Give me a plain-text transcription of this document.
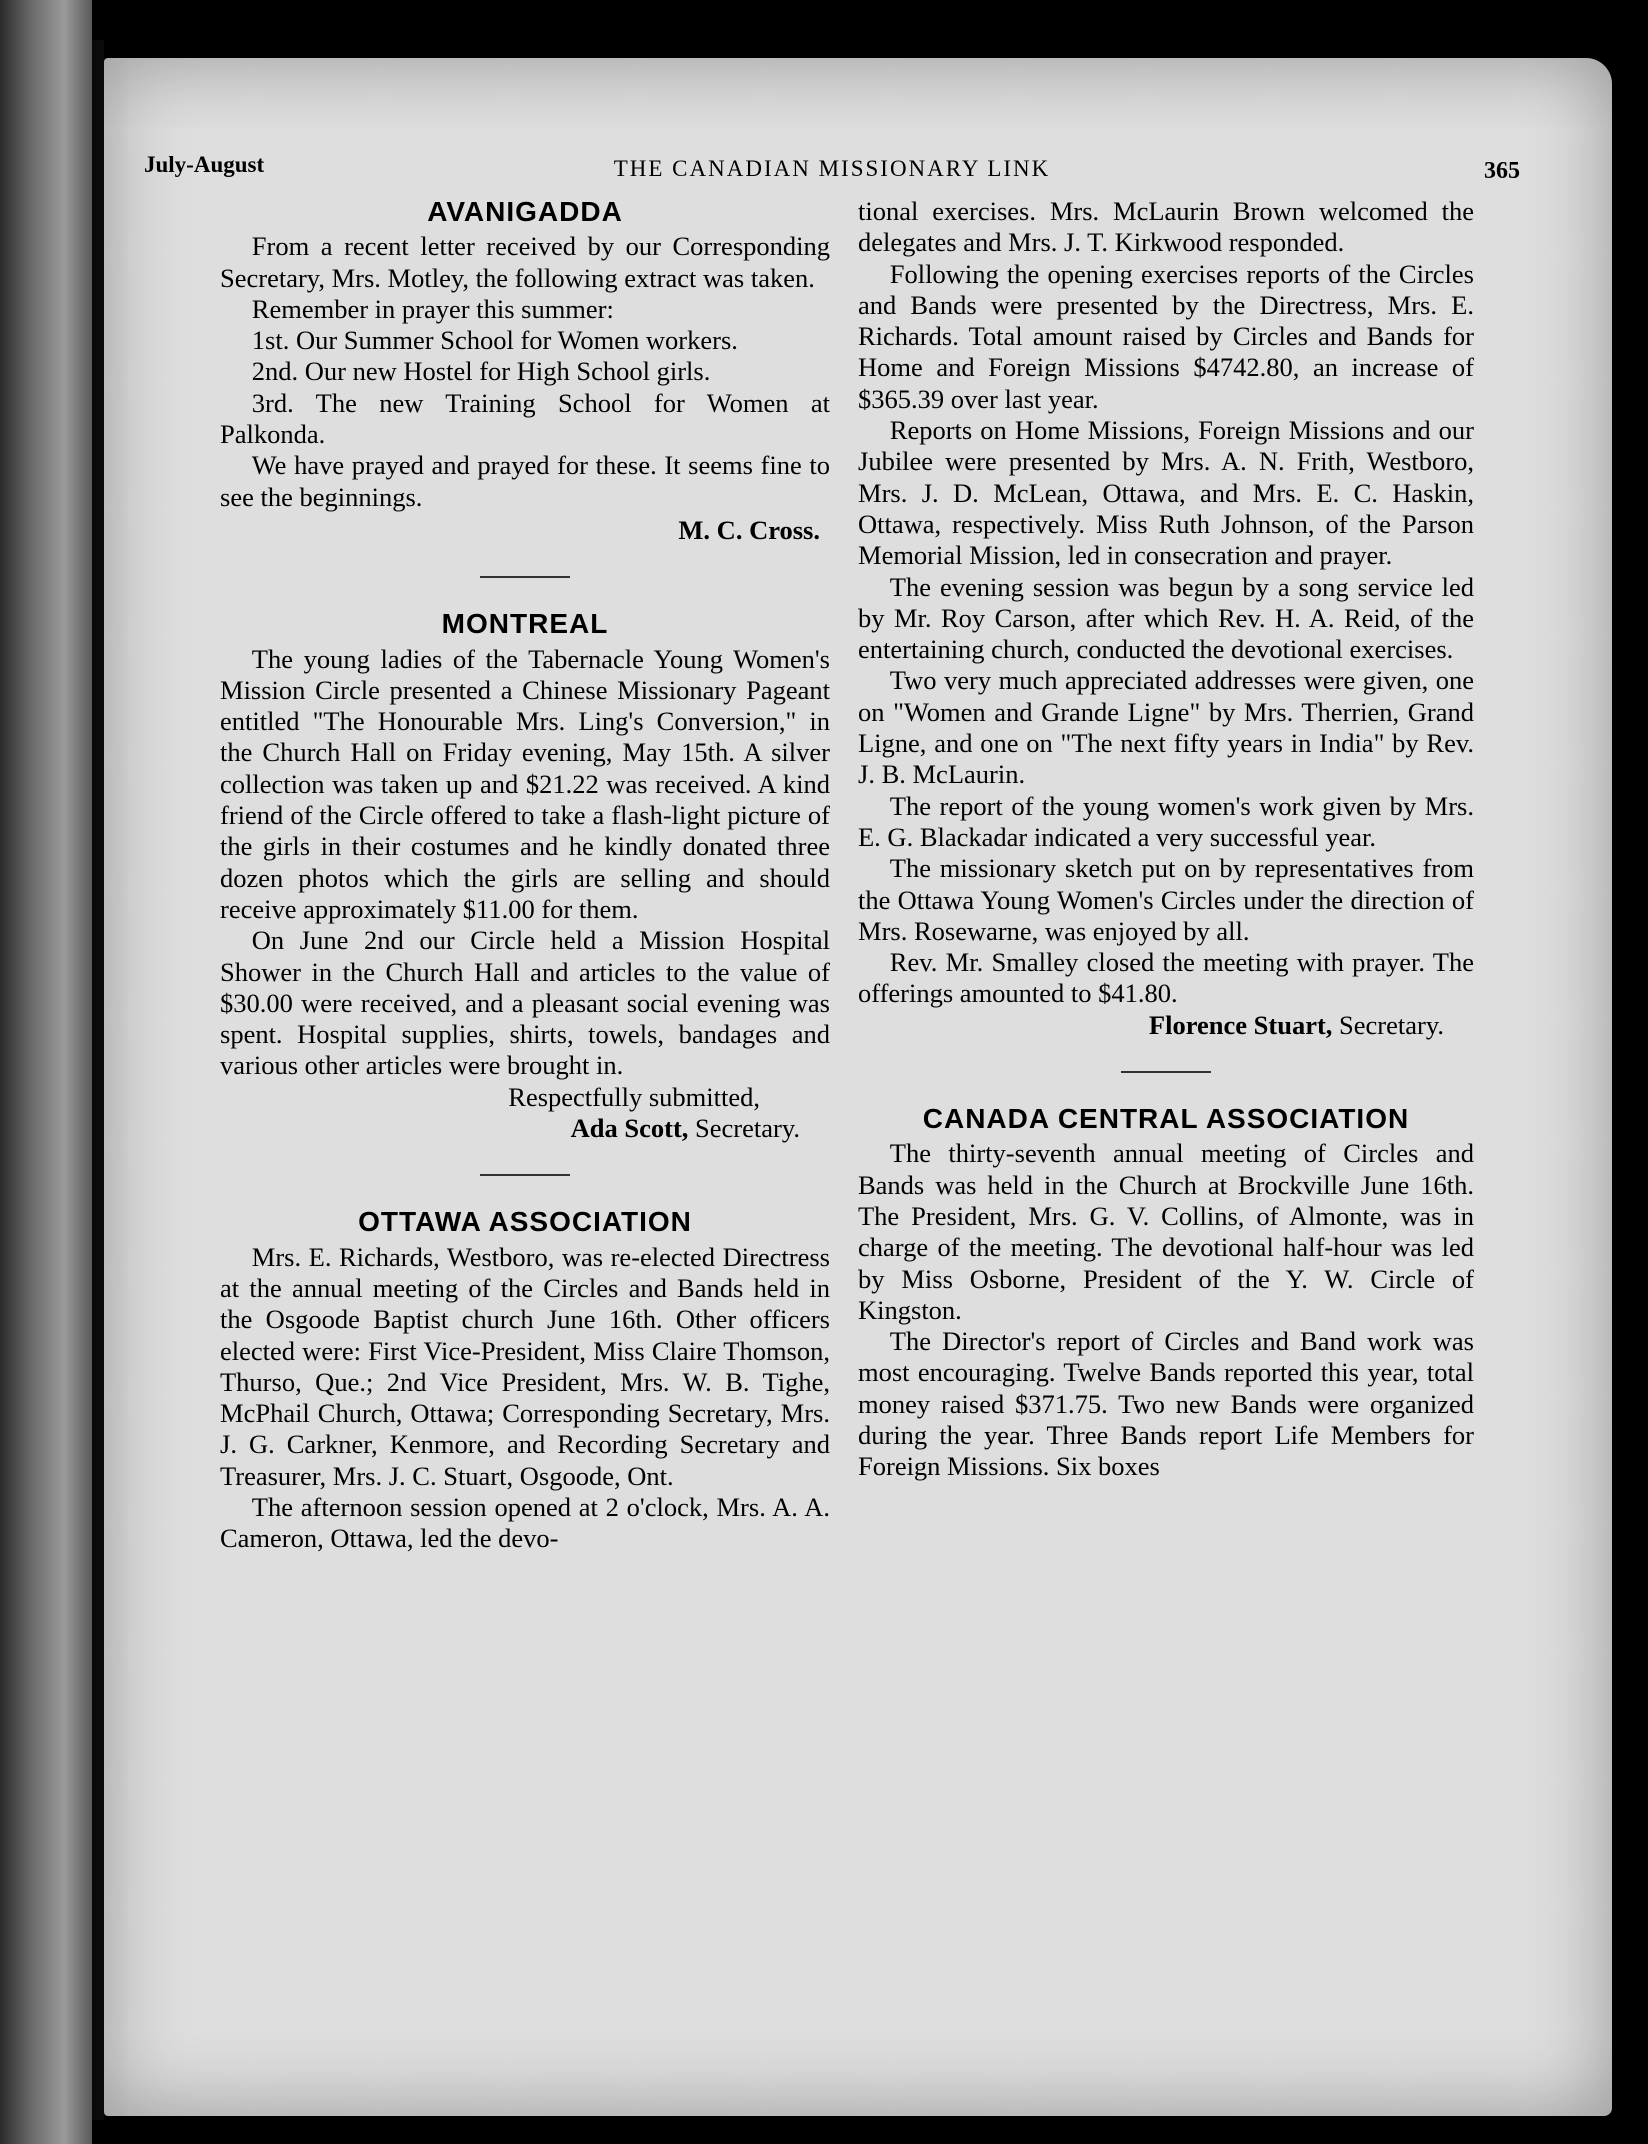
July-August	THE CANADIAN MISSIONARY LINK	365
AVANIGADDA

From a recent letter received by our Corresponding Secretary, Mrs. Motley, the following extract was taken.

Remember in prayer this summer:

1st. Our Summer School for Women workers.

2nd. Our new Hostel for High School girls.

3rd. The new Training School for Women at Palkonda.

We have prayed and prayed for these. It seems fine to see the beginnings.

M. C. Cross.
MONTREAL

The young ladies of the Tabernacle Young Women's Mission Circle presented a Chinese Missionary Pageant entitled "The Honourable Mrs. Ling's Conversion," in the Church Hall on Friday evening, May 15th. A silver collection was taken up and $21.22 was received. A kind friend of the Circle offered to take a flash-light picture of the girls in their costumes and he kindly donated three dozen photos which the girls are selling and should receive approximately $11.00 for them.

On June 2nd our Circle held a Mission Hospital Shower in the Church Hall and articles to the value of $30.00 were received, and a pleasant social evening was spent. Hospital supplies, shirts, towels, bandages and various other articles were brought in.

Respectfully submitted,
Ada Scott, Secretary.
OTTAWA ASSOCIATION

Mrs. E. Richards, Westboro, was re-elected Directress at the annual meeting of the Circles and Bands held in the Osgoode Baptist church June 16th. Other officers elected were: First Vice-President, Miss Claire Thomson, Thurso, Que.; 2nd Vice President, Mrs. W. B. Tighe, McPhail Church, Ottawa; Corresponding Secretary, Mrs. J. G. Carkner, Kenmore, and Recording Secretary and Treasurer, Mrs. J. C. Stuart, Osgoode, Ont.

The afternoon session opened at 2 o'clock, Mrs. A. A. Cameron, Ottawa, led the devo-

tional exercises. Mrs. McLaurin Brown welcomed the delegates and Mrs. J. T. Kirkwood responded.

Following the opening exercises reports of the Circles and Bands were presented by the Directress, Mrs. E. Richards. Total amount raised by Circles and Bands for Home and Foreign Missions $4742.80, an increase of $365.39 over last year.

Reports on Home Missions, Foreign Missions and our Jubilee were presented by Mrs. A. N. Frith, Westboro, Mrs. J. D. McLean, Ottawa, and Mrs. E. C. Haskin, Ottawa, respectively. Miss Ruth Johnson, of the Parson Memorial Mission, led in consecration and prayer.

The evening session was begun by a song service led by Mr. Roy Carson, after which Rev. H. A. Reid, of the entertaining church, conducted the devotional exercises.

Two very much appreciated addresses were given, one on "Women and Grande Ligne" by Mrs. Therrien, Grand Ligne, and one on "The next fifty years in India" by Rev. J. B. McLaurin.

The report of the young women's work given by Mrs. E. G. Blackadar indicated a very successful year.

The missionary sketch put on by representatives from the Ottawa Young Women's Circles under the direction of Mrs. Rosewarne, was enjoyed by all.

Rev. Mr. Smalley closed the meeting with prayer. The offerings amounted to $41.80.

Florence Stuart, Secretary.
CANADA CENTRAL ASSOCIATION

The thirty-seventh annual meeting of Circles and Bands was held in the Church at Brockville June 16th. The President, Mrs. G. V. Collins, of Almonte, was in charge of the meeting. The devotional half-hour was led by Miss Osborne, President of the Y. W. Circle of Kingston.

The Director's report of Circles and Band work was most encouraging. Twelve Bands reported this year, total money raised $371.75. Two new Bands were organized during the year. Three Bands report Life Members for Foreign Missions. Six boxes
